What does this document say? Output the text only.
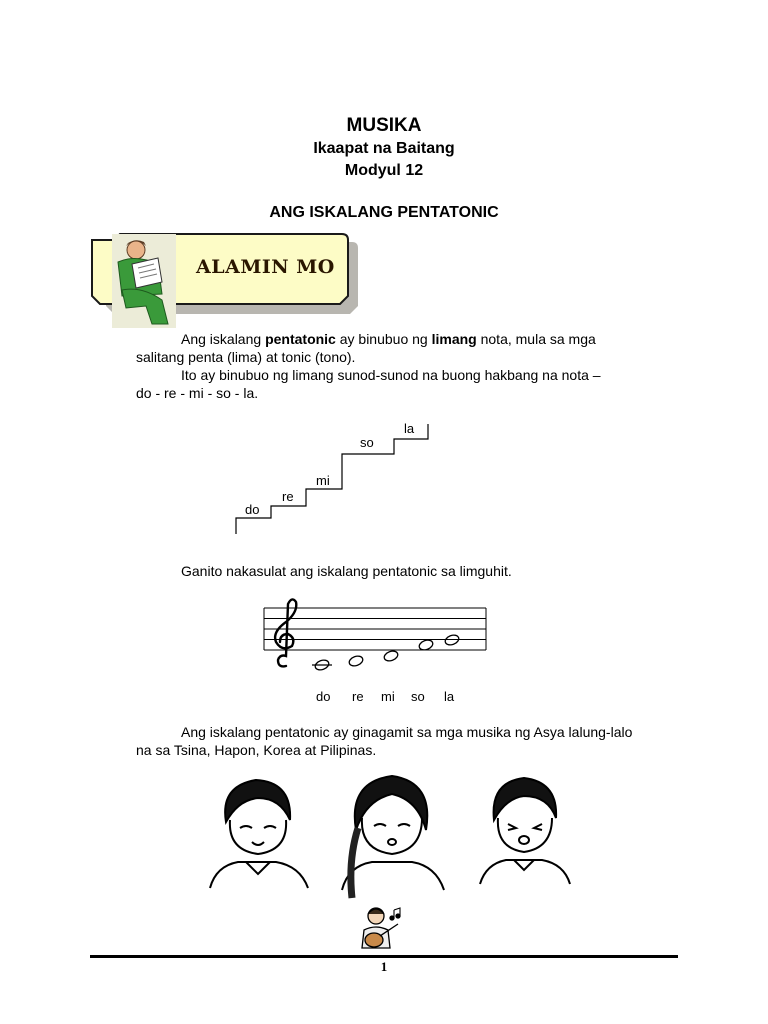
MUSIKA
Ikaapat na Baitang
Modyul 12
ANG ISKALANG PENTATONIC
ALAMIN MO
Ang iskalang pentatonic ay binubuo ng limang nota, mula sa mga
salitang penta (lima) at tonic (tono).
Ito ay binubuo ng limang sunod-sunod na buong hakbang na nota –
do - re - mi - so - la.
do
re
mi
so
la
Ganito nakasulat ang iskalang pentatonic sa limguhit.
do re mi so la
Ang iskalang pentatonic ay ginagamit sa mga musika ng Asya lalung-lalo
na sa Tsina, Hapon, Korea at Pilipinas.
1
